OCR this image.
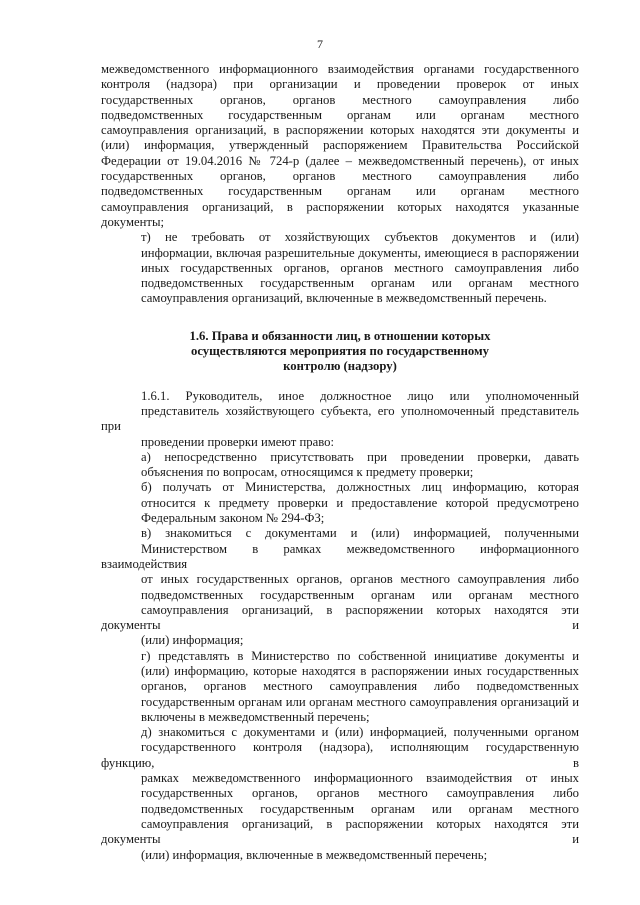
7

межведомственного информационного взаимодействия органами государственного
контроля (надзора) при организации и проведении проверок от иных
государственных органов, органов местного самоуправления либо
подведомственных государственным органам или органам местного
самоуправления организаций, в распоряжении которых находятся эти документы и
(или) информация, утвержденный распоряжением Правительства Российской
Федерации от 19.04.2016 № 724-р (далее – межведомственный перечень), от иных
государственных органов, органов местного самоуправления либо
подведомственных государственным органам или органам местного
самоуправления организаций, в распоряжении которых находятся указанные
документы;

т) не требовать от хозяйствующих субъектов документов и (или)
информации, включая разрешительные документы, имеющиеся в распоряжении
иных государственных органов, органов местного самоуправления либо
подведомственных государственным органам или органам местного
самоуправления организаций, включенные в межведомственный перечень.

1.6. Права и обязанности лиц, в отношении которых
осуществляются мероприятия по государственному
контролю (надзору)

1.6.1. Руководитель, иное должностное лицо или уполномоченный
представитель хозяйствующего субъекта, его уполномоченный представитель при
проведении проверки имеют право:

а) непосредственно присутствовать при проведении проверки, давать
объяснения по вопросам, относящимся к предмету проверки;

б) получать от Министерства, должностных лиц информацию, которая
относится к предмету проверки и предоставление которой предусмотрено
Федеральным законом № 294-ФЗ;

в) знакомиться с документами и (или) информацией, полученными
Министерством в рамках межведомственного информационного взаимодействия
от иных государственных органов, органов местного самоуправления либо
подведомственных государственным органам или органам местного
самоуправления организаций, в распоряжении которых находятся эти документы и
(или) информация;

г) представлять в Министерство по собственной инициативе документы и
(или) информацию, которые находятся в распоряжении иных государственных
органов, органов местного самоуправления либо подведомственных
государственным органам или органам местного самоуправления организаций и
включены в межведомственный перечень;

д) знакомиться с документами и (или) информацией, полученными органом
государственного контроля (надзора), исполняющим государственную функцию, в
рамках межведомственного информационного взаимодействия от иных
государственных органов, органов местного самоуправления либо
подведомственных государственным органам или органам местного
самоуправления организаций, в распоряжении которых находятся эти документы и
(или) информация, включенные в межведомственный перечень;
